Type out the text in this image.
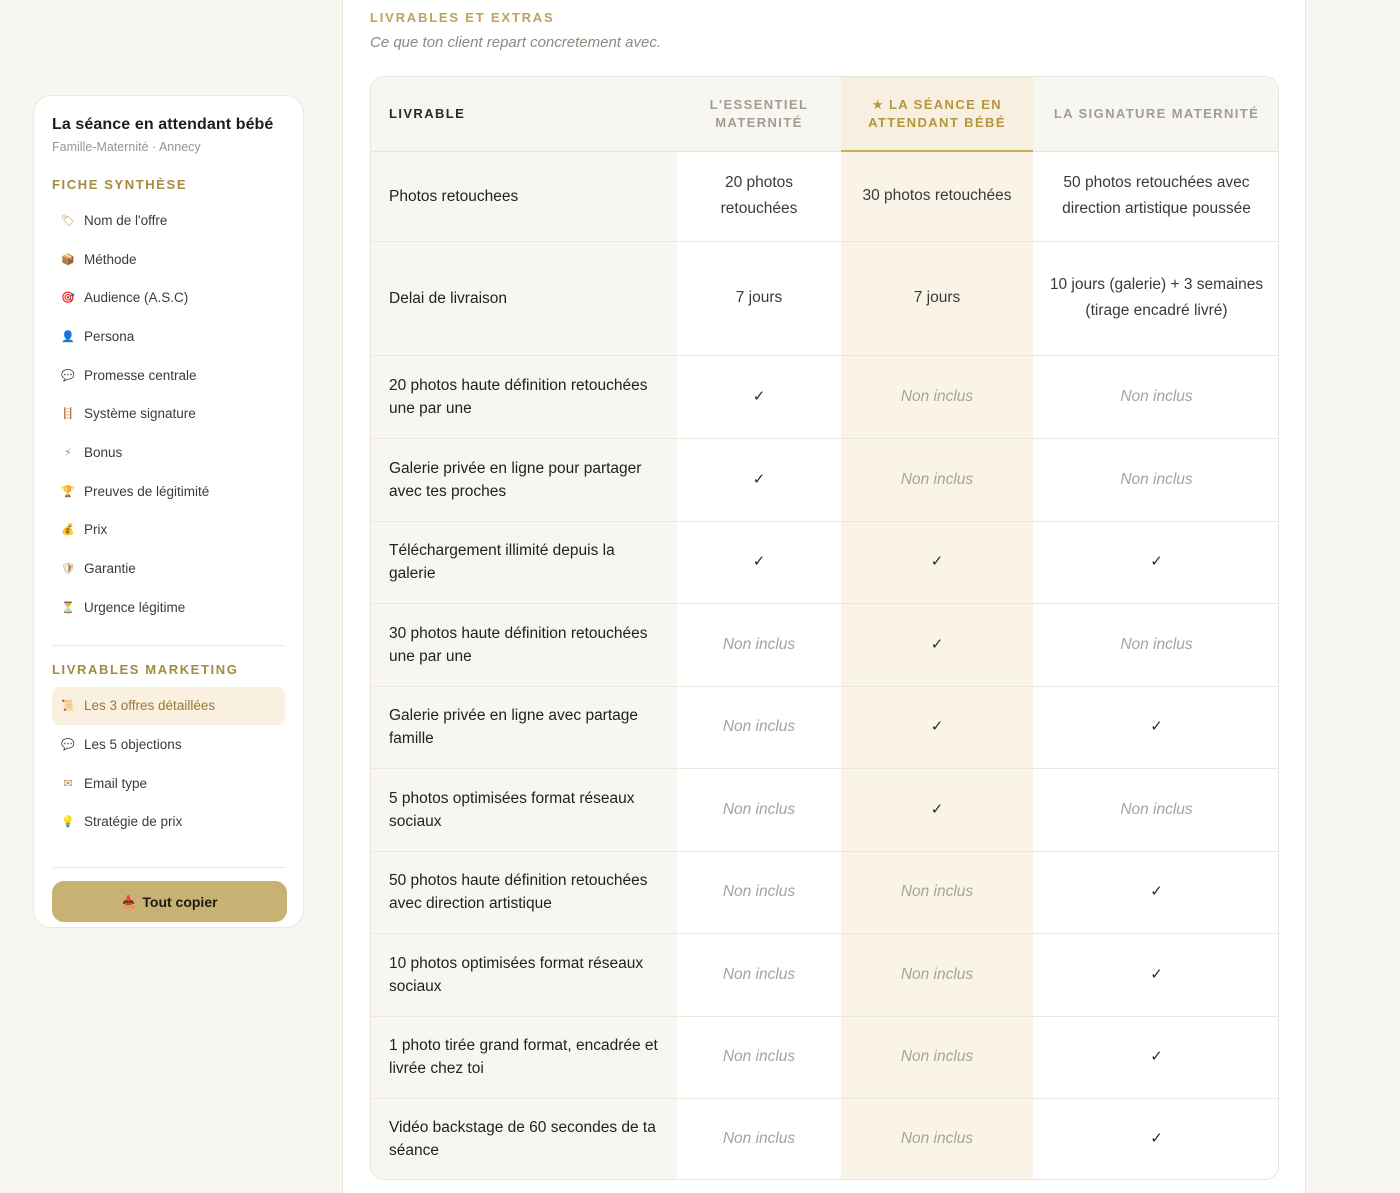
La séance en attendant bébé
Famille-Maternité · Annecy
FICHE SYNTHÈSE
🏷 Nom de l'offre
📦 Méthode
🎯 Audience (A.S.C)
👤 Persona
💬 Promesse centrale
🪜 Système signature
⚡ Bonus
🏆 Preuves de légitimité
💰 Prix
🛡 Garantie
⏳ Urgence légitime
LIVRABLES MARKETING
📜 Les 3 offres détaillées
💬 Les 5 objections
✉ Email type
💡 Stratégie de prix
📥 Tout copier
LIVRABLES ET EXTRAS
Ce que ton client repart concretement avec.
LIVRABLE	L'ESSENTIEL MATERNITÉ	★ LA SÉANCE EN ATTENDANT BÉBÉ	LA SIGNATURE MATERNITÉ
Photos retouchees	20 photos retouchées	30 photos retouchées	50 photos retouchées avec direction artistique poussée
Delai de livraison	7 jours	7 jours	10 jours (galerie) + 3 semaines (tirage encadré livré)
20 photos haute définition retouchées une par une	✓	Non inclus	Non inclus
Galerie privée en ligne pour partager avec tes proches	✓	Non inclus	Non inclus
Téléchargement illimité depuis la galerie	✓	✓	✓
30 photos haute définition retouchées une par une	Non inclus	✓	Non inclus
Galerie privée en ligne avec partage famille	Non inclus	✓	✓
5 photos optimisées format réseaux sociaux	Non inclus	✓	Non inclus
50 photos haute définition retouchées avec direction artistique	Non inclus	Non inclus	✓
10 photos optimisées format réseaux sociaux	Non inclus	Non inclus	✓
1 photo tirée grand format, encadrée et livrée chez toi	Non inclus	Non inclus	✓
Vidéo backstage de 60 secondes de ta séance	Non inclus	Non inclus	✓
